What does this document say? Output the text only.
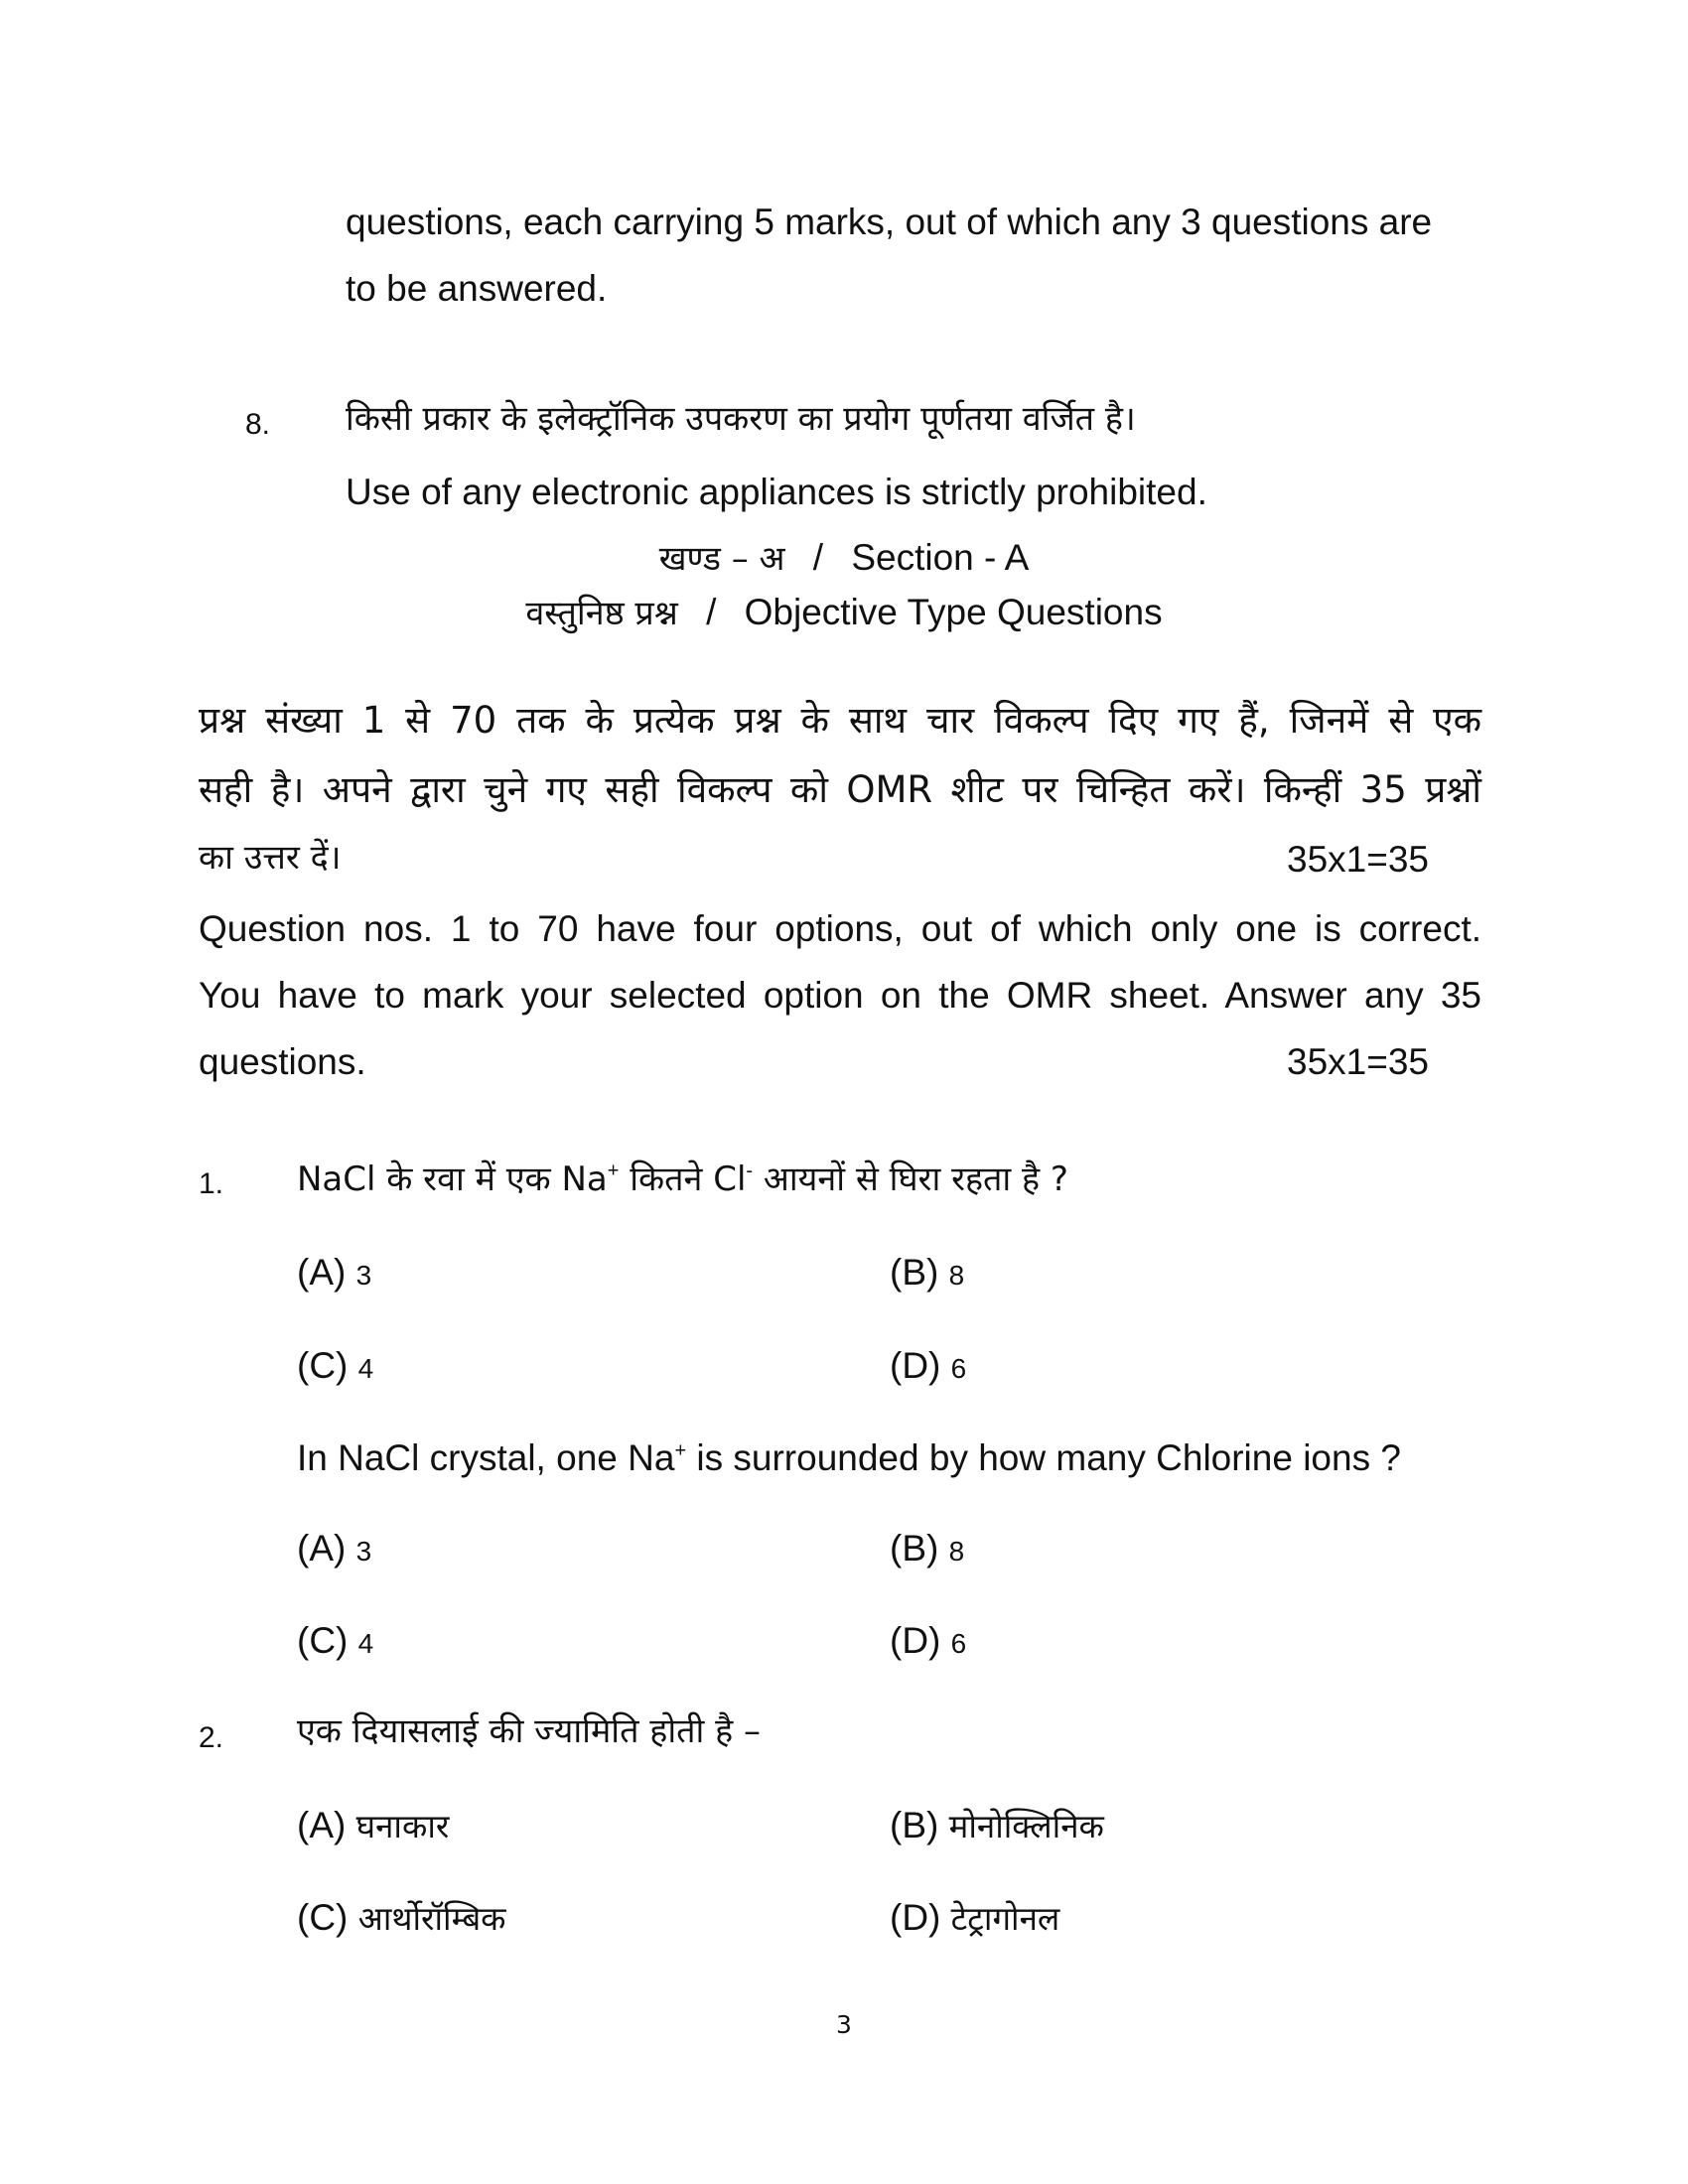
questions, each carrying 5 marks, out of which any 3 questions are
to be answered.
8. किसी प्रकार के इलेक्ट्रॉनिक उपकरण का प्रयोग पूर्णतया वर्जित है।
Use of any electronic appliances is strictly prohibited.
खण्ड – अ / Section - A
वस्तुनिष्ठ प्रश्न / Objective Type Questions
प्रश्न संख्या 1 से 70 तक के प्रत्येक प्रश्न के साथ चार विकल्प दिए गए हैं, जिनमें से एक
सही है। अपने द्वारा चुने गए सही विकल्प को OMR शीट पर चिन्हित करें। किन्हीं 35 प्रश्नों
का उत्तर दें।	35x1=35
Question nos. 1 to 70 have four options, out of which only one is correct.
You have to mark your selected option on the OMR sheet. Answer any 35
questions.	35x1=35
1. NaCl के रवा में एक Na+ कितने Cl- आयनों से घिरा रहता है ?
(A) 3	(B) 8
(C) 4	(D) 6
In NaCl crystal, one Na+ is surrounded by how many Chlorine ions ?
(A) 3	(B) 8
(C) 4	(D) 6
2. एक दियासलाई की ज्यामिति होती है –
(A) घनाकार	(B) मोनोक्लिनिक
(C) आर्थोरॉम्बिक	(D) टेट्रागोनल
3
